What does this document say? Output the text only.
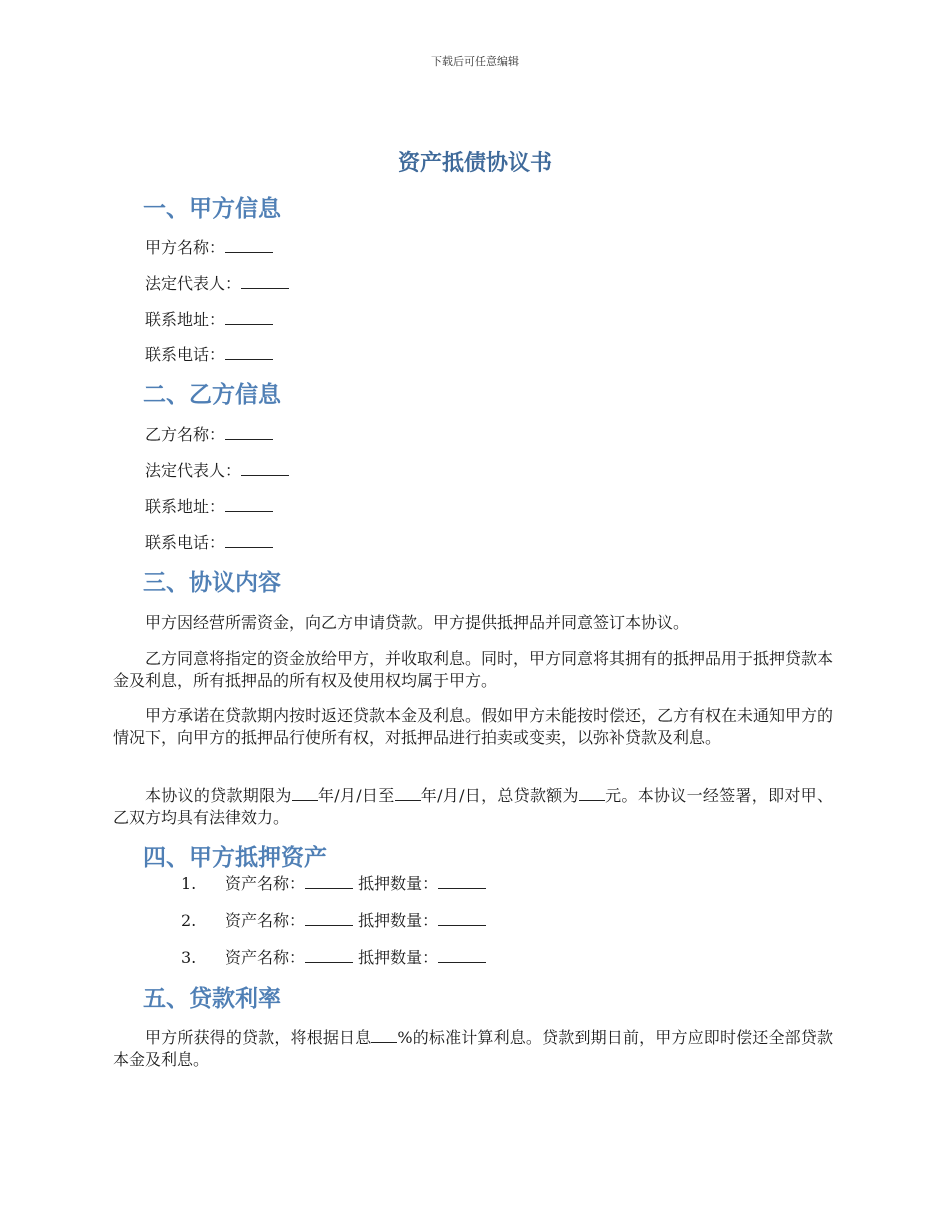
下载后可任意编辑
资产抵债协议书
一、甲方信息
甲方名称：
法定代表人：
联系地址：
联系电话：
二、乙方信息
乙方名称：
法定代表人：
联系地址：
联系电话：
三、协议内容

甲方因经营所需资金，向乙方申请贷款。甲方提供抵押品并同意签订本协议。

乙方同意将指定的资金放给甲方，并收取利息。同时，甲方同意将其拥有的抵押品用于抵押贷款本金及利息，所有抵押品的所有权及使用权均属于甲方。

甲方承诺在贷款期内按时返还贷款本金及利息。假如甲方未能按时偿还，乙方有权在未通知甲方的情况下，向甲方的抵押品行使所有权，对抵押品进行拍卖或变卖，以弥补贷款及利息。

本协议的贷款期限为 年/月/日至 年/月/日，总贷款额为 元。本协议一经签署，即对甲、乙双方均具有法律效力。

四、甲方抵押资产
1. 资产名称：	抵押数量：
2. 资产名称：	抵押数量：
3. 资产名称：	抵押数量：
五、贷款利率

甲方所获得的贷款，将根据日息 %的标准计算利息。贷款到期日前，甲方应即时偿还全部贷款本金及利息。
